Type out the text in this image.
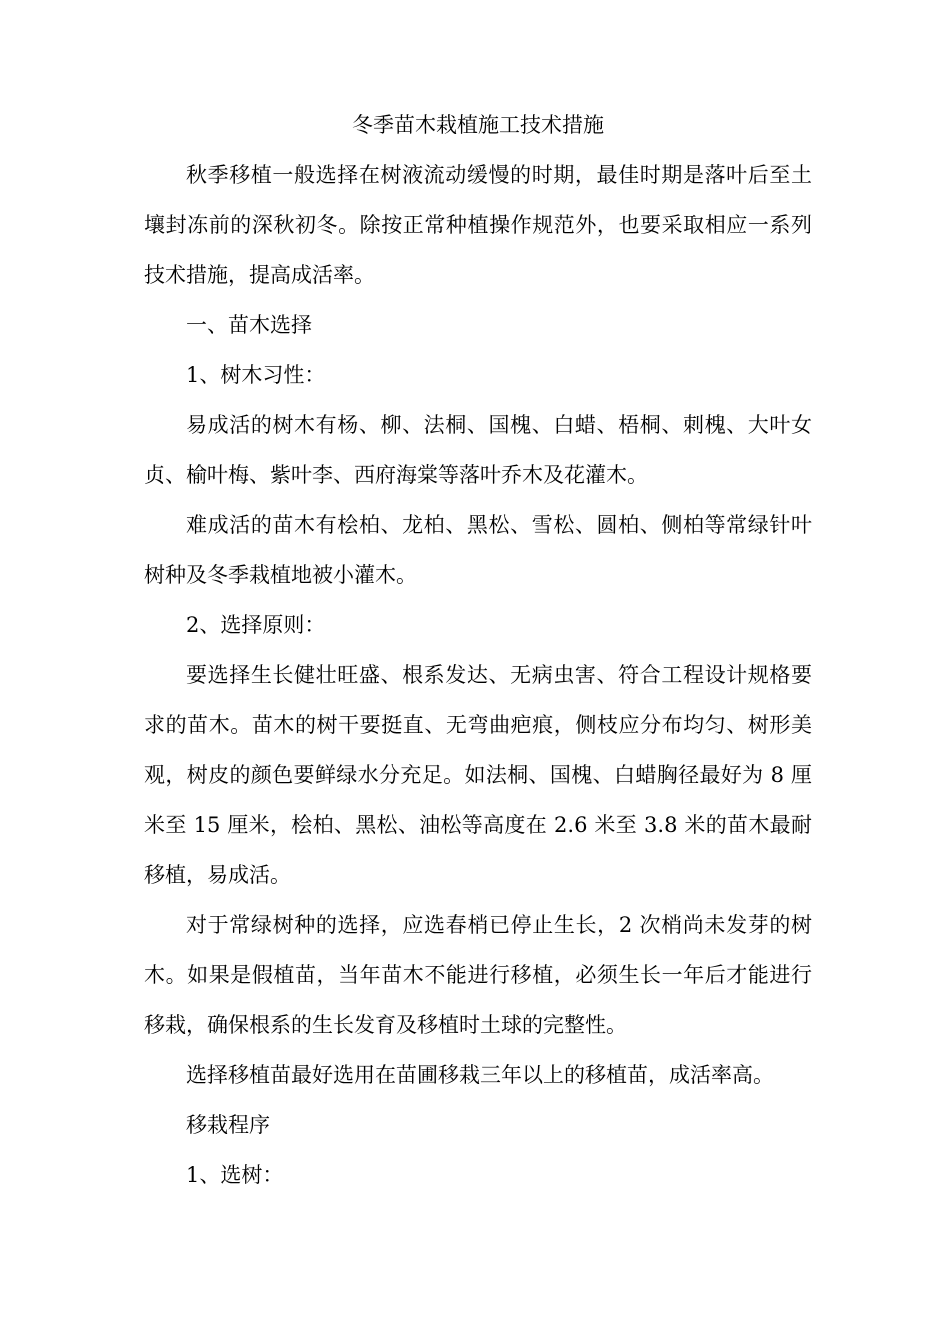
冬季苗木栽植施工技术措施

秋季移植一般选择在树液流动缓慢的时期，最佳时期是落叶后至土壤封冻前的深秋初冬。除按正常种植操作规范外，也要采取相应一系列技术措施，提高成活率。

一、苗木选择

1、树木习性：

易成活的树木有杨、柳、法桐、国槐、白蜡、梧桐、刺槐、大叶女贞、榆叶梅、紫叶李、西府海棠等落叶乔木及花灌木。

难成活的苗木有桧柏、龙柏、黑松、雪松、圆柏、侧柏等常绿针叶树种及冬季栽植地被小灌木。

2、选择原则：

要选择生长健壮旺盛、根系发达、无病虫害、符合工程设计规格要求的苗木。苗木的树干要挺直、无弯曲疤痕，侧枝应分布均匀、树形美观，树皮的颜色要鲜绿水分充足。如法桐、国槐、白蜡胸径最好为 8 厘米至 15 厘米，桧柏、黑松、油松等高度在 2.6 米至 3.8 米的苗木最耐移植，易成活。

对于常绿树种的选择，应选春梢已停止生长，2 次梢尚未发芽的树木。如果是假植苗，当年苗木不能进行移植，必须生长一年后才能进行移栽，确保根系的生长发育及移植时土球的完整性。

选择移植苗最好选用在苗圃移栽三年以上的移植苗，成活率高。

移栽程序

1、选树：
